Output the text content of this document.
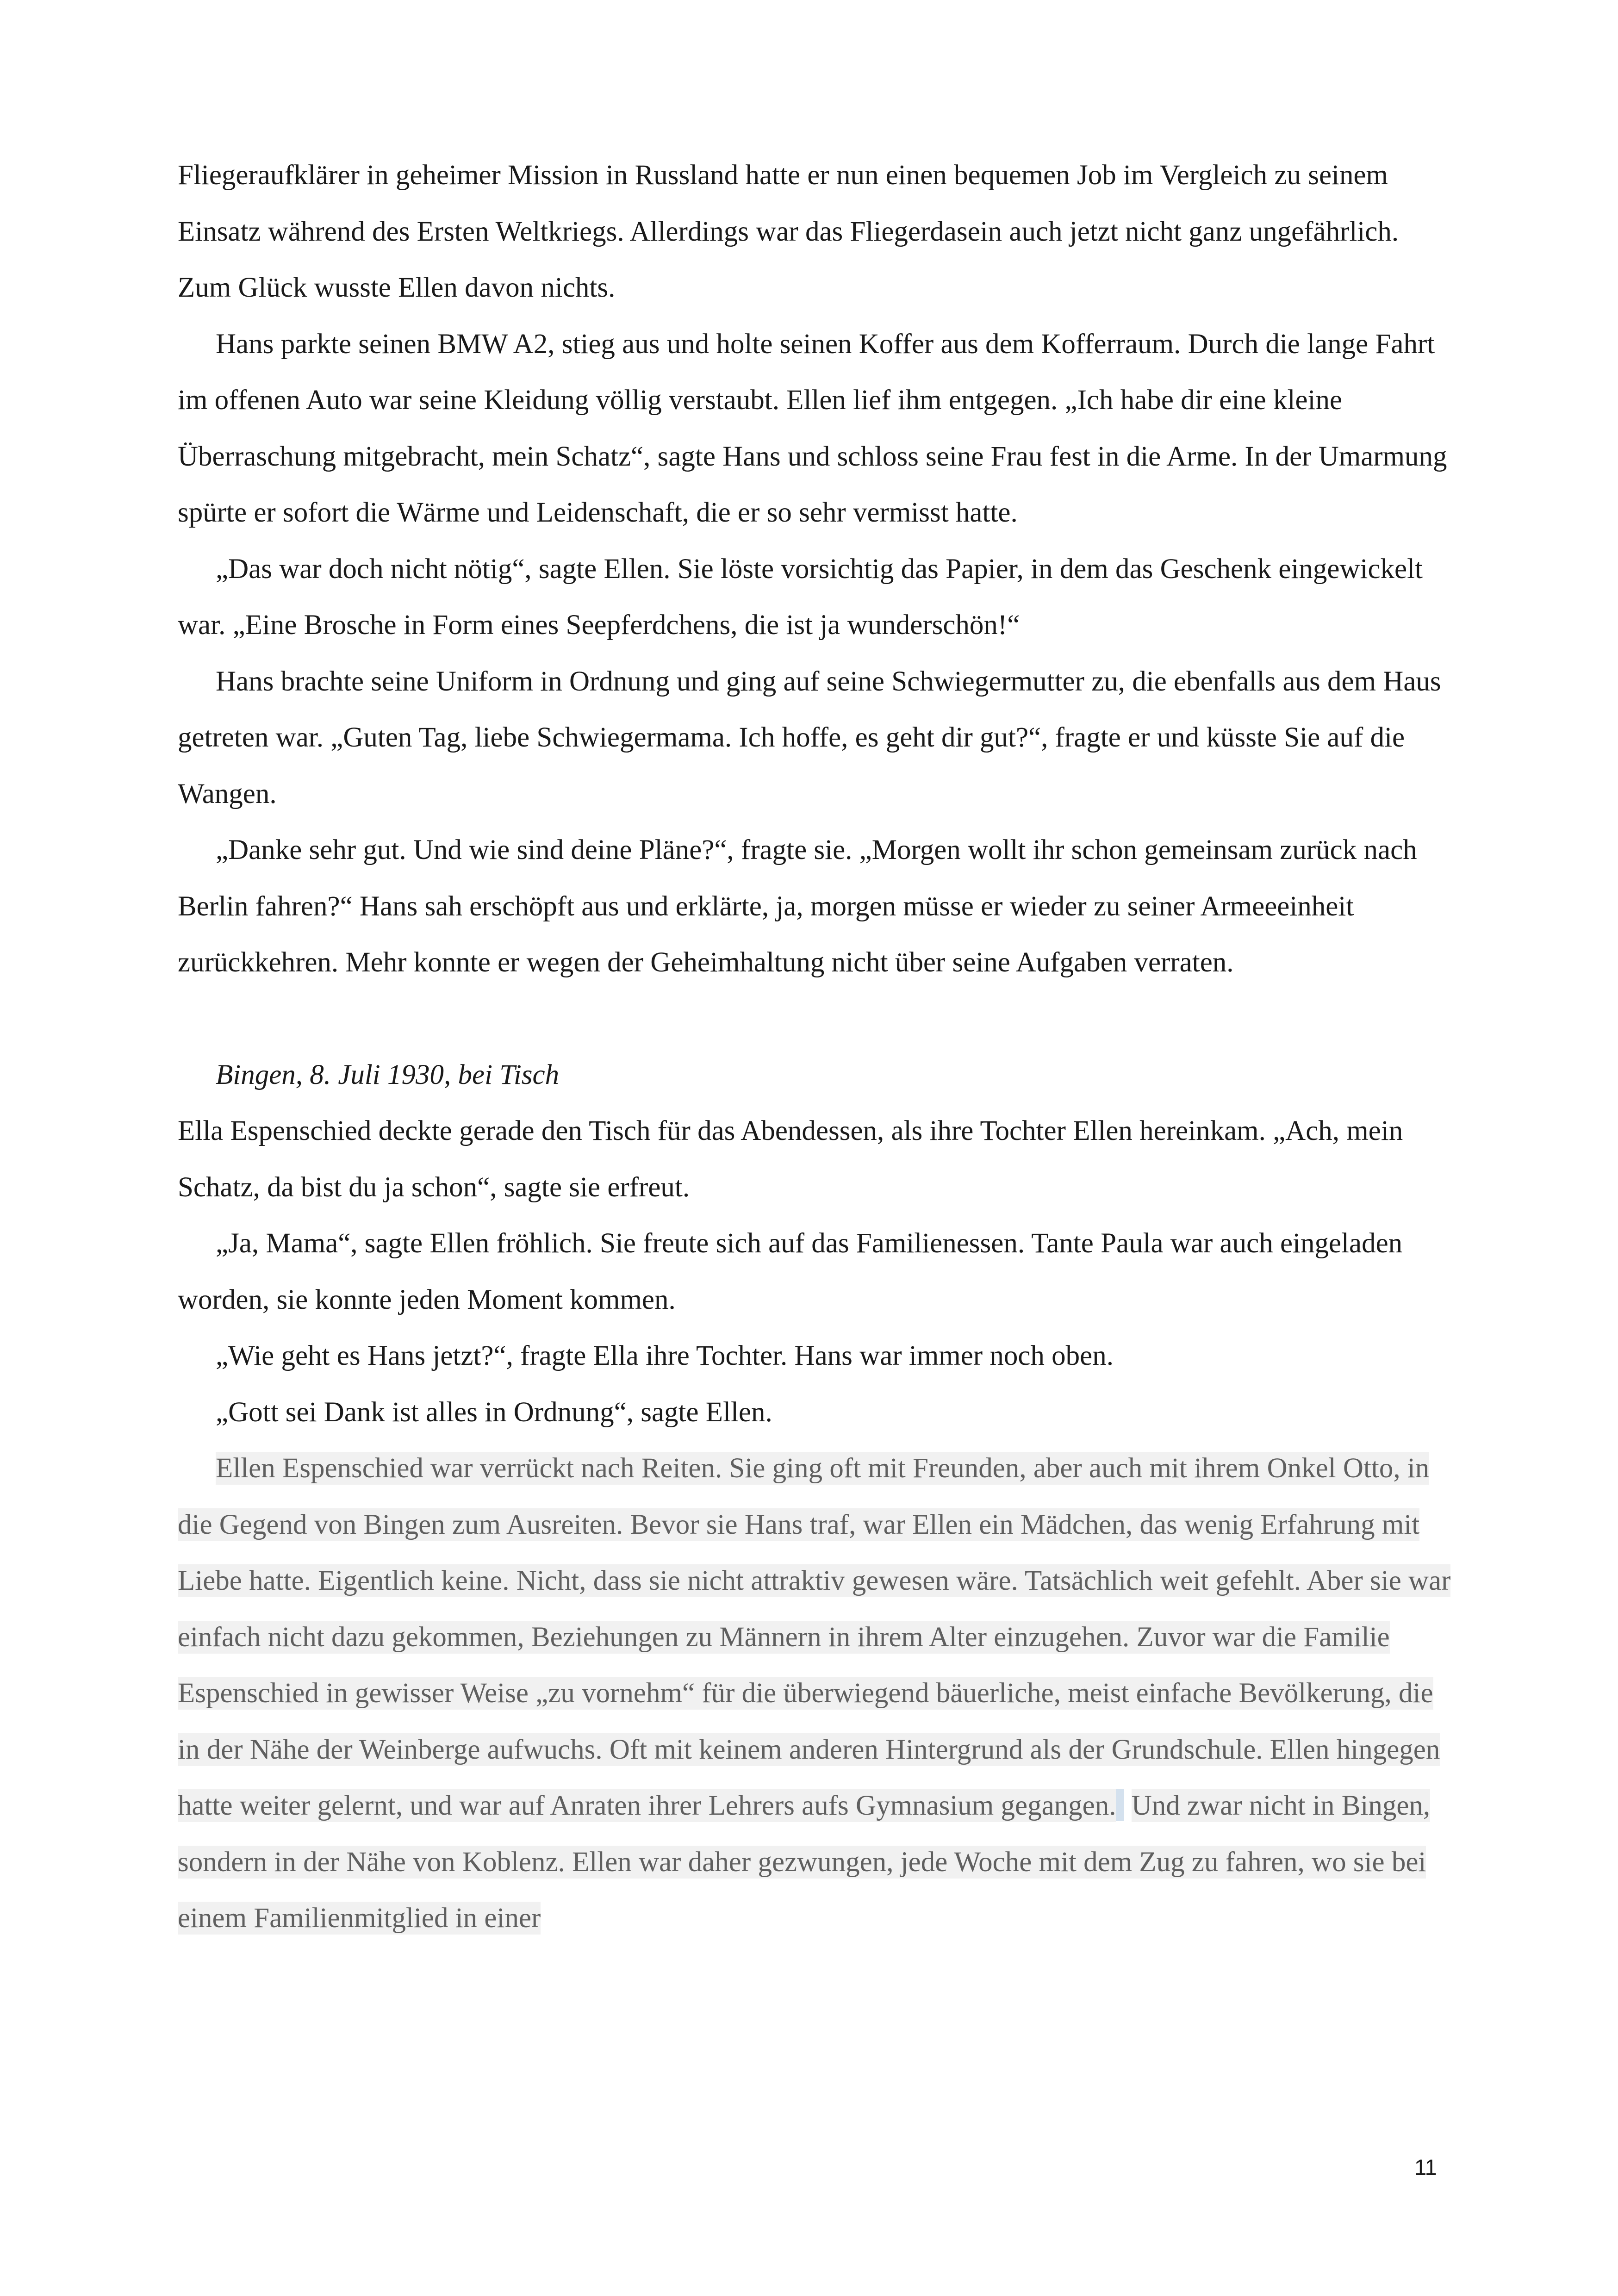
Fliegeraufklärer in geheimer Mission in Russland hatte er nun einen bequemen Job im Vergleich zu seinem Einsatz während des Ersten Weltkriegs. Allerdings war das Fliegerdasein auch jetzt nicht ganz ungefährlich. Zum Glück wusste Ellen davon nichts.

Hans parkte seinen BMW A2, stieg aus und holte seinen Koffer aus dem Kofferraum. Durch die lange Fahrt im offenen Auto war seine Kleidung völlig verstaubt. Ellen lief ihm entgegen. „Ich habe dir eine kleine Überraschung mitgebracht, mein Schatz“, sagte Hans und schloss seine Frau fest in die Arme. In der Umarmung spürte er sofort die Wärme und Leidenschaft, die er so sehr vermisst hatte.

„Das war doch nicht nötig“, sagte Ellen. Sie löste vorsichtig das Papier, in dem das Geschenk eingewickelt war. „Eine Brosche in Form eines Seepferdchens, die ist ja wunderschön!“

Hans brachte seine Uniform in Ordnung und ging auf seine Schwiegermutter zu, die ebenfalls aus dem Haus getreten war. „Guten Tag, liebe Schwiegermama. Ich hoffe, es geht dir gut?“, fragte er und küsste Sie auf die Wangen.

„Danke sehr gut. Und wie sind deine Pläne?“, fragte sie. „Morgen wollt ihr schon gemeinsam zurück nach Berlin fahren?“ Hans sah erschöpft aus und erklärte, ja, morgen müsse er wieder zu seiner Armeeeinheit zurückkehren. Mehr konnte er wegen der Geheimhaltung nicht über seine Aufgaben verraten.

Bingen, 8. Juli 1930, bei Tisch

Ella Espenschied deckte gerade den Tisch für das Abendessen, als ihre Tochter Ellen hereinkam. „Ach, mein Schatz, da bist du ja schon“, sagte sie erfreut.

„Ja, Mama“, sagte Ellen fröhlich. Sie freute sich auf das Familienessen. Tante Paula war auch eingeladen worden, sie konnte jeden Moment kommen.

„Wie geht es Hans jetzt?“, fragte Ella ihre Tochter. Hans war immer noch oben.

„Gott sei Dank ist alles in Ordnung“, sagte Ellen.

Ellen Espenschied war verrückt nach Reiten. Sie ging oft mit Freunden, aber auch mit ihrem Onkel Otto, in die Gegend von Bingen zum Ausreiten. Bevor sie Hans traf, war Ellen ein Mädchen, das wenig Erfahrung mit Liebe hatte. Eigentlich keine. Nicht, dass sie nicht attraktiv gewesen wäre. Tatsächlich weit gefehlt. Aber sie war einfach nicht dazu gekommen, Beziehungen zu Männern in ihrem Alter einzugehen. Zuvor war die Familie Espenschied in gewisser Weise „zu vornehm“ für die überwiegend bäuerliche, meist einfache Bevölkerung, die in der Nähe der Weinberge aufwuchs. Oft mit keinem anderen Hintergrund als der Grundschule. Ellen hingegen hatte weiter gelernt, und war auf Anraten ihrer Lehrers aufs Gymnasium gegangen. Und zwar nicht in Bingen, sondern in der Nähe von Koblenz. Ellen war daher gezwungen, jede Woche mit dem Zug zu fahren, wo sie bei einem Familienmitglied in einer

11
